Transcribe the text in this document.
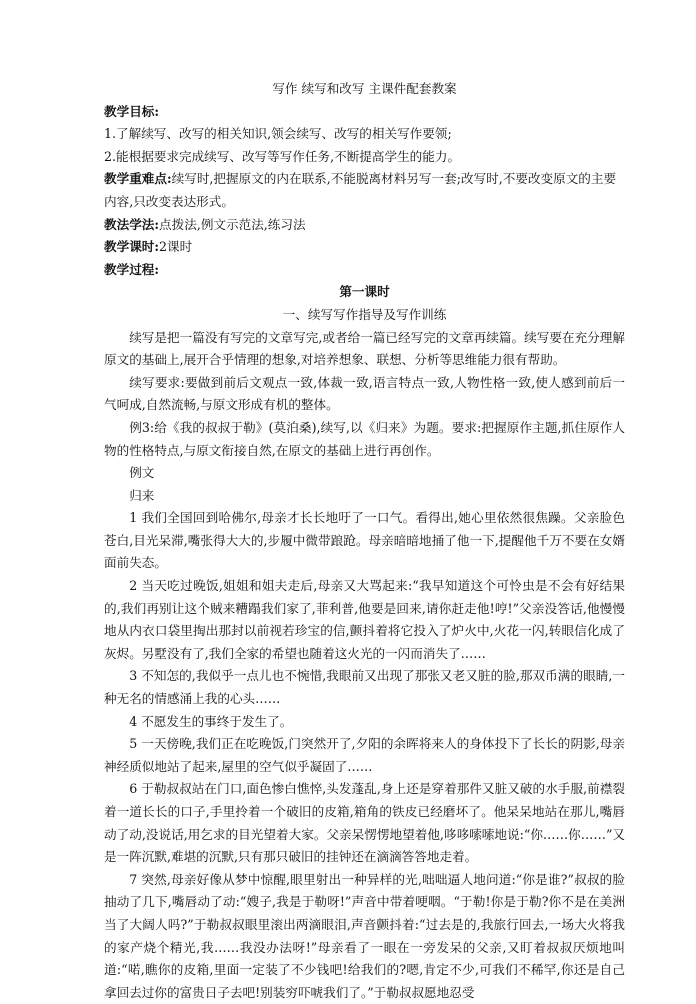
写作 续写和改写 主课件配套教案

教学目标:

1.了解续写、改写的相关知识,领会续写、改写的相关写作要领;

2.能根据要求完成续写、改写等写作任务,不断提高学生的能力。

教学重难点:续写时,把握原文的内在联系,不能脱离材料另写一套;改写时,不要改变原文的主要内容,只改变表达形式。

教法学法:点拨法,例文示范法,练习法

教学课时:2课时

教学过程:

第一课时
一、续写写作指导及写作训练

续写是把一篇没有写完的文章写完,或者给一篇已经写完的文章再续篇。续写要在充分理解原文的基础上,展开合乎情理的想象,对培养想象、联想、分析等思维能力很有帮助。

续写要求:要做到前后文观点一致,体裁一致,语言特点一致,人物性格一致,使人感到前后一气呵成,自然流畅,与原文形成有机的整体。

例3:给《我的叔叔于勒》(莫泊桑),续写,以《归来》为题。要求:把握原作主题,抓住原作人物的性格特点,与原文衔接自然,在原文的基础上进行再创作。

例文

归来

1 我们全国回到哈佛尔,母亲才长长地吁了一口气。看得出,她心里依然很焦躁。父亲脸色苍白,目光呆滞,嘴张得大大的,步履中微带踉跄。母亲暗暗地捅了他一下,提醒他千万不要在女婿面前失态。

2 当天吃过晚饭,姐姐和姐夫走后,母亲又大骂起来:“我早知道这个可怜虫是不会有好结果的,我们再别让这个贼来糟蹋我们家了,菲利普,他要是回来,请你赶走他!哼!”父亲没答话,他慢慢地从内衣口袋里掏出那封以前视若珍宝的信,颤抖着将它投入了炉火中,火花一闪,转眼信化成了灰烬。另墅没有了,我们全家的希望也随着这火光的一闪而消失了……

3 不知怎的,我似乎一点儿也不惋惜,我眼前又出现了那张又老又脏的脸,那双币满的眼睛,一种无名的情感涌上我的心头……

4 不愿发生的事终于发生了。

5 一天傍晚,我们正在吃晚饭,门突然开了,夕阳的余晖将来人的身体投下了长长的阴影,母亲神经质似地站了起来,屋里的空气似乎凝固了……

6 于勒叔叔站在门口,面色惨白憔悴,头发蓬乱,身上还是穿着那件又脏又破的水手服,前襟裂着一道长长的口子,手里拎着一个破旧的皮箱,箱角的铁皮已经磨坏了。他呆呆地站在那儿,嘴唇动了动,没说话,用乞求的目光望着大家。父亲呆愣愣地望着他,哆哆嗦嗦地说:“你……你……”又是一阵沉默,难堪的沉默,只有那只破旧的挂钟还在滴滴答答地走着。

7 突然,母亲好像从梦中惊醒,眼里射出一种异样的光,咄咄逼人地问道:“你是谁?”叔叔的脸抽动了几下,嘴唇动了动:“嫂子,我是于勒呀!”声音中带着哽咽。“于勒!你是于勒?你不是在美洲当了大阔人吗?”于勒叔叔眼里滚出两滴眼泪,声音颤抖着:“过去是的,我旅行回去,一场大火将我的家产烧个精光,我……我没办法呀!”母亲看了一眼在一旁发呆的父亲,又盯着叔叔厌烦地叫道:“喏,瞧你的皮箱,里面一定装了不少钱吧!给我们的?嗯,肯定不少,可我们不稀罕,你还是自己拿回去过你的富贵日子去吧!别装穷吓唬我们了。”于勒叔叔愿地忍受
